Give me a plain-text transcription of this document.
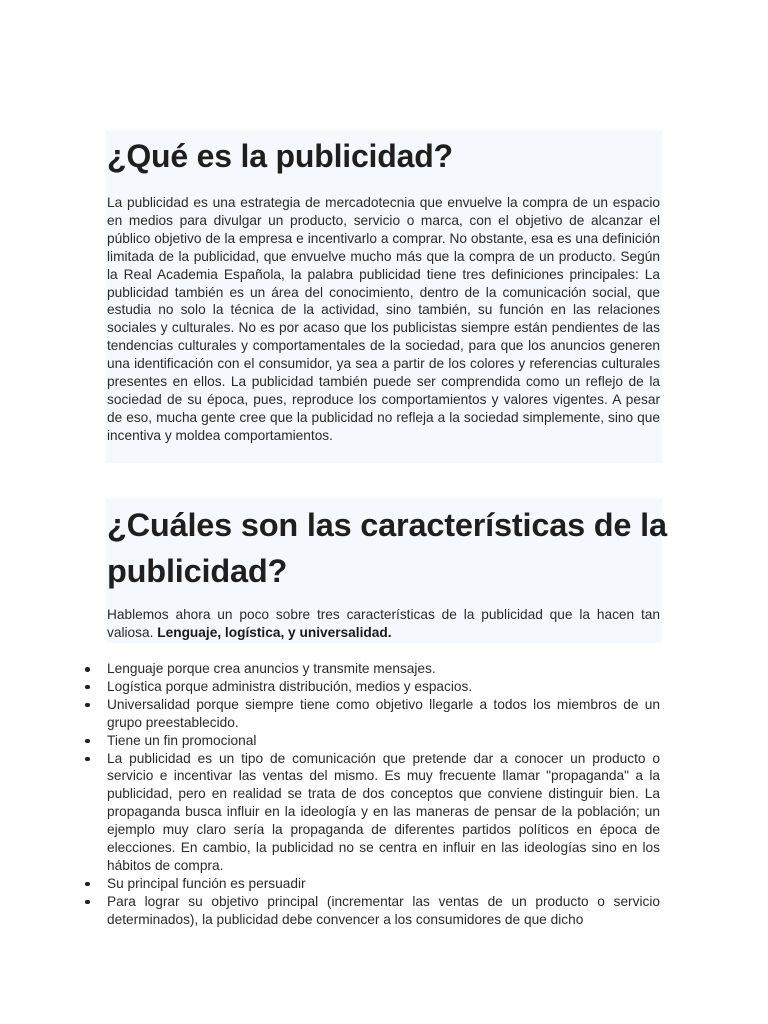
¿Qué es la publicidad?

La publicidad es una estrategia de mercadotecnia que envuelve la compra de un espacio en medios para divulgar un producto, servicio o marca, con el objetivo de alcanzar el público objetivo de la empresa e incentivarlo a comprar. No obstante, esa es una definición limitada de la publicidad, que envuelve mucho más que la compra de un producto. Según la Real Academia Española, la palabra publicidad tiene tres definiciones principales: La publicidad también es un área del conocimiento, dentro de la comunicación social, que estudia no solo la técnica de la actividad, sino también, su función en las relaciones sociales y culturales. No es por acaso que los publicistas siempre están pendientes de las tendencias culturales y comportamentales de la sociedad, para que los anuncios generen una identificación con el consumidor, ya sea a partir de los colores y referencias culturales presentes en ellos. La publicidad también puede ser comprendida como un reflejo de la sociedad de su época, pues, reproduce los comportamientos y valores vigentes. A pesar de eso, mucha gente cree que la publicidad no refleja a la sociedad simplemente, sino que incentiva y moldea comportamientos.

¿Cuáles son las características de la publicidad?

Hablemos ahora un poco sobre tres características de la publicidad que la hacen tan valiosa. Lenguaje, logística, y universalidad.

Lenguaje porque crea anuncios y transmite mensajes.
Logística porque administra distribución, medios y espacios.
Universalidad porque siempre tiene como objetivo llegarle a todos los miembros de un grupo preestablecido.
Tiene un fin promocional
La publicidad es un tipo de comunicación que pretende dar a conocer un producto o servicio e incentivar las ventas del mismo. Es muy frecuente llamar "propaganda" a la publicidad, pero en realidad se trata de dos conceptos que conviene distinguir bien. La propaganda busca influir en la ideología y en las maneras de pensar de la población; un ejemplo muy claro sería la propaganda de diferentes partidos políticos en época de elecciones. En cambio, la publicidad no se centra en influir en las ideologías sino en los hábitos de compra.
Su principal función es persuadir
Para lograr su objetivo principal (incrementar las ventas de un producto o servicio determinados), la publicidad debe convencer a los consumidores de que dicho
